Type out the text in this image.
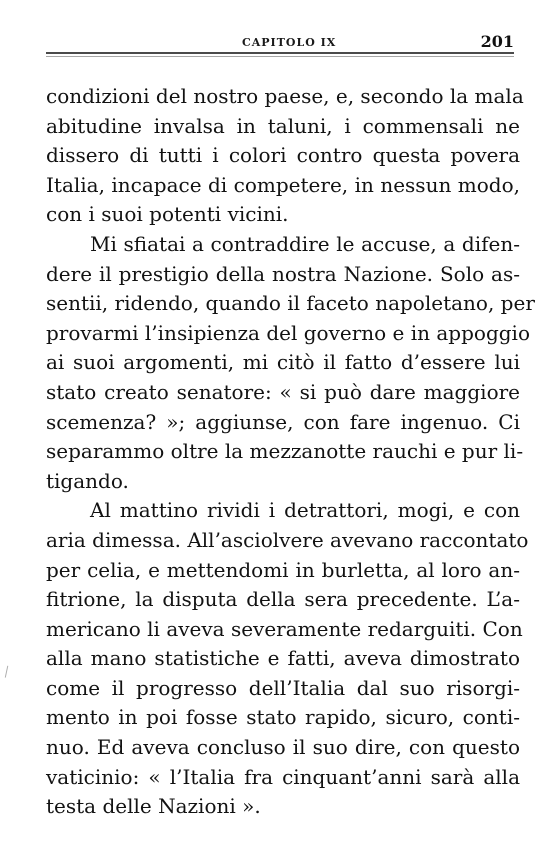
CAPITOLO IX	201
condizioni del nostro paese, e, secondo la mala
abitudine invalsa in taluni, i commensali ne
dissero di tutti i colori contro questa povera
Italia, incapace di competere, in nessun modo,
con i suoi potenti vicini.
Mi sfiatai a contraddire le accuse, a difen-
dere il prestigio della nostra Nazione. Solo as-
sentii, ridendo, quando il faceto napoletano, per
provarmi l’insipienza del governo e in appoggio
ai suoi argomenti, mi citò il fatto d’essere lui
stato creato senatore: « si può dare maggiore
scemenza? »; aggiunse, con fare ingenuo. Ci
separammo oltre la mezzanotte rauchi e pur li-
tigando.
Al mattino rividi i detrattori, mogi, e con
aria dimessa. All’asciolvere avevano raccontato
per celia, e mettendomi in burletta, al loro an-
fitrione, la disputa della sera precedente. L’a-
mericano li aveva severamente redarguiti. Con
alla mano statistiche e fatti, aveva dimostrato
come il progresso dell’Italia dal suo risorgi-
mento in poi fosse stato rapido, sicuro, conti-
nuo. Ed aveva concluso il suo dire, con questo
vaticinio: « l’Italia fra cinquant’anni sarà alla
testa delle Nazioni ».
